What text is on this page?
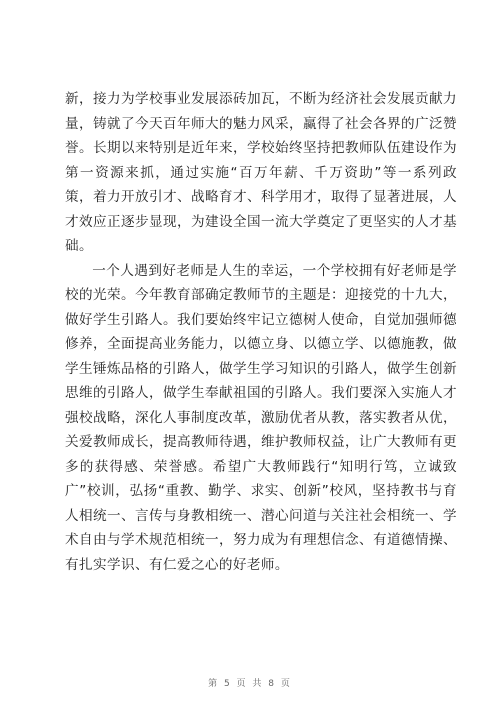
新，接力为学校事业发展添砖加瓦，不断为经济社会发展贡献力量，铸就了今天百年师大的魅力风采，赢得了社会各界的广泛赞誉。长期以来特别是近年来，学校始终坚持把教师队伍建设作为第一资源来抓，通过实施“百万年薪、千万资助”等一系列政策，着力开放引才、战略育才、科学用才，取得了显著进展，人才效应正逐步显现，为建设全国一流大学奠定了更坚实的人才基础。

一个人遇到好老师是人生的幸运，一个学校拥有好老师是学校的光荣。今年教育部确定教师节的主题是：迎接党的十九大，做好学生引路人。我们要始终牢记立德树人使命，自觉加强师德修养，全面提高业务能力，以德立身、以德立学、以德施教，做学生锤炼品格的引路人，做学生学习知识的引路人，做学生创新思维的引路人，做学生奉献祖国的引路人。我们要深入实施人才强校战略，深化人事制度改革，激励优者从教，落实教者从优，关爱教师成长，提高教师待遇，维护教师权益，让广大教师有更多的获得感、荣誉感。希望广大教师践行“知明行笃，立诚致广”校训，弘扬“重教、勤学、求实、创新”校风，坚持教书与育人相统一、言传与身教相统一、潜心问道与关注社会相统一、学术自由与学术规范相统一，努力成为有理想信念、有道德情操、有扎实学识、有仁爱之心的好老师。

第 5 页 共 8 页
